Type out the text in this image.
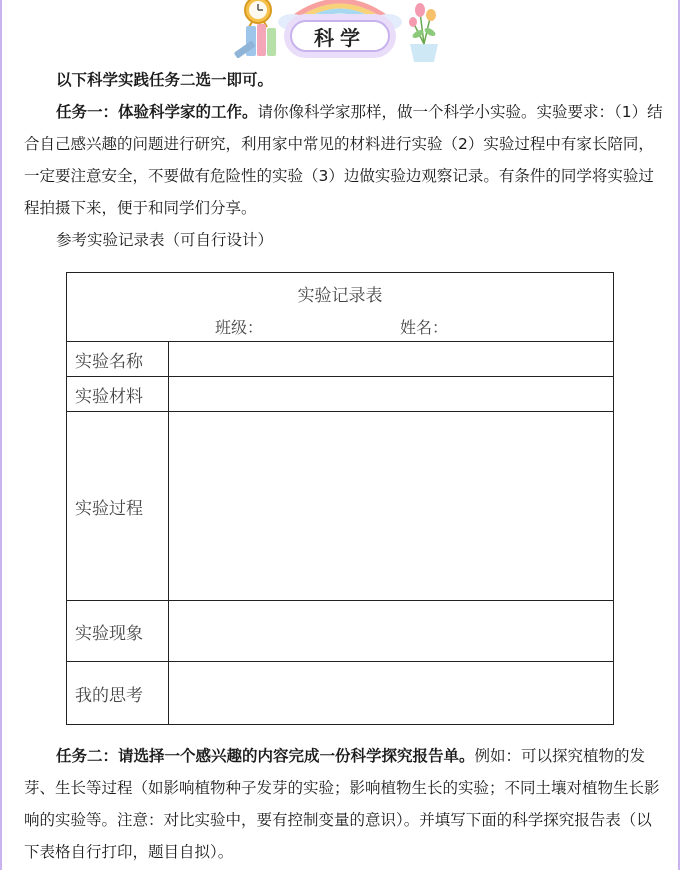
科学

以下科学实践任务二选一即可。

任务一：体验科学家的工作。请你像科学家那样，做一个科学小实验。实验要求：（1）结合自己感兴趣的问题进行研究，利用家中常见的材料进行实验（2）实验过程中有家长陪同，一定要注意安全，不要做有危险性的实验（3）边做实验边观察记录。有条件的同学将实验过程拍摄下来，便于和同学们分享。

参考实验记录表（可自行设计）

实验记录表
班级： 姓名：	

实验名称	
实验材料	
实验过程	
实验现象	
我的思考	

任务二：请选择一个感兴趣的内容完成一份科学探究报告单。例如：可以探究植物的发芽、生长等过程（如影响植物种子发芽的实验；影响植物生长的实验；不同土壤对植物生长影响的实验等。注意：对比实验中，要有控制变量的意识）。并填写下面的科学探究报告表（以下表格自行打印，题目自拟）。
